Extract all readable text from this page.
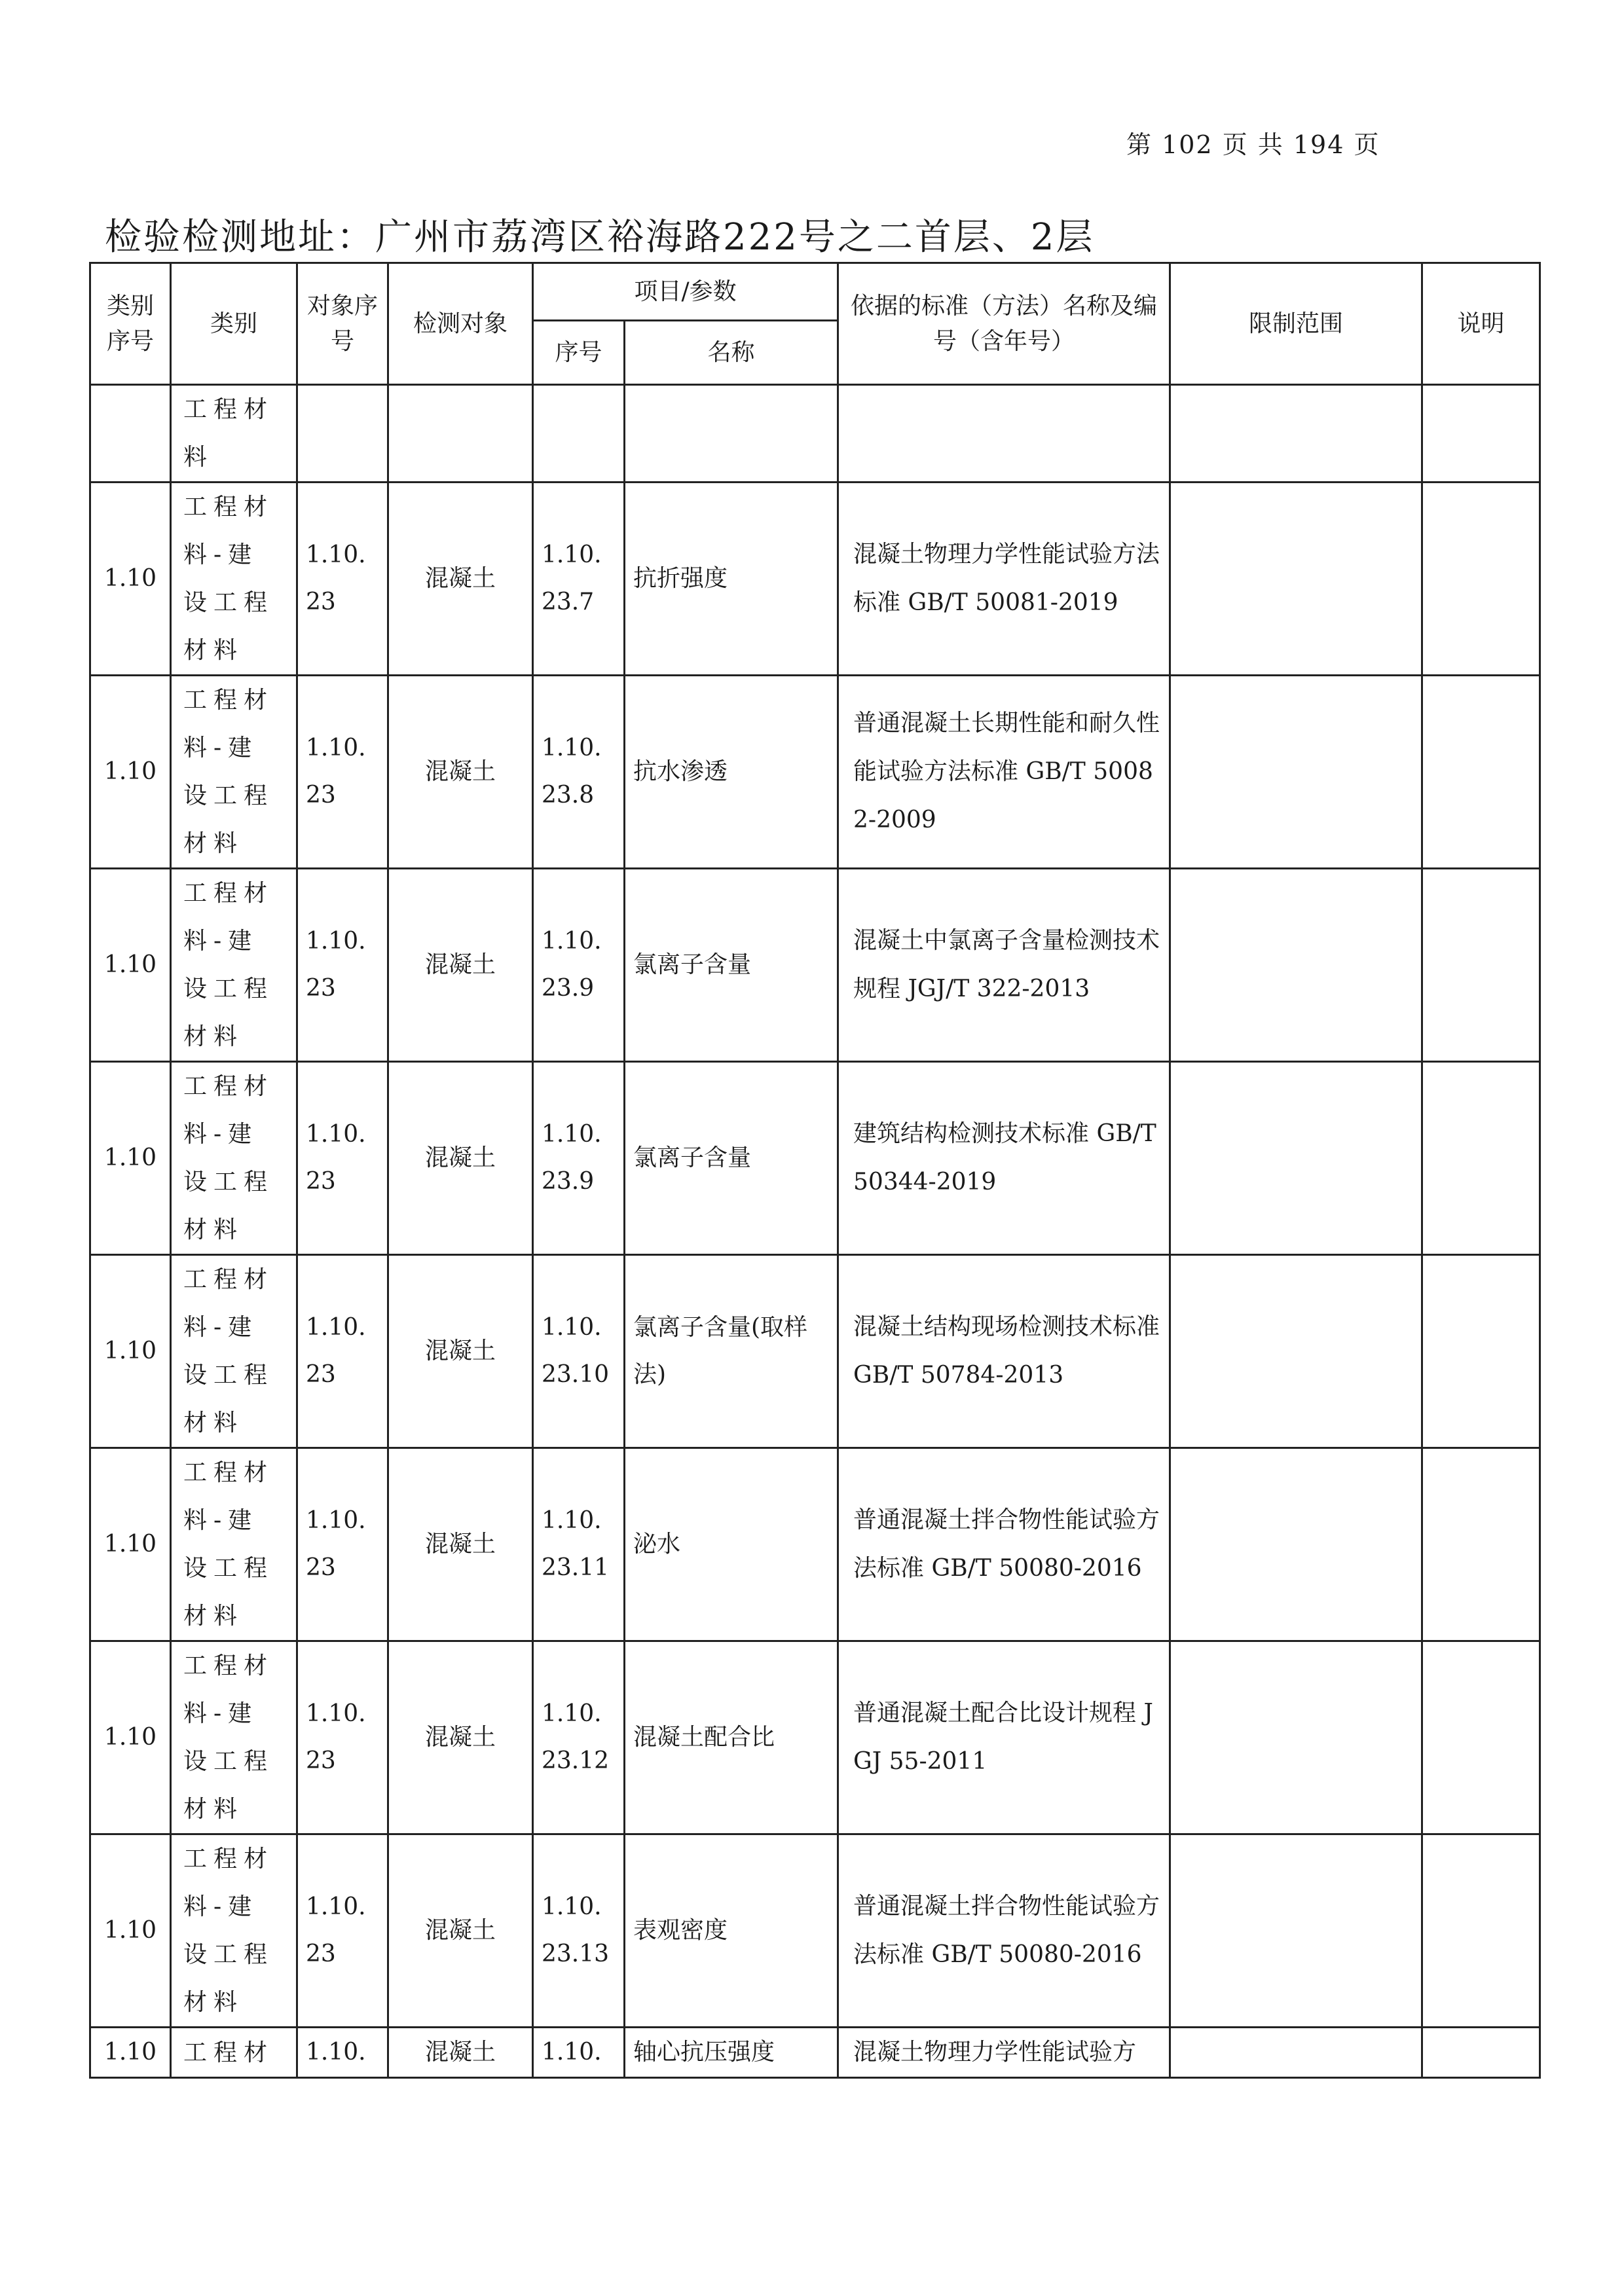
第 102 页 共 194 页
检验检测地址：广州市荔湾区裕海路222号之二首层、2层
类别序号	类别	对象序号	检测对象	项目/参数		依据的标准（方法）名称及编号（含年号）	限制范围	说明
				序号	名称			
	工程材料							
1.10	工程材料-建设工程材料	1.10.23	混凝土	1.10.23.7	抗折强度	混凝土物理力学性能试验方法标准 GB/T 50081-2019		
1.10	工程材料-建设工程材料	1.10.23	混凝土	1.10.23.8	抗水渗透	普通混凝土长期性能和耐久性能试验方法标准 GB/T 50082-2009		
1.10	工程材料-建设工程材料	1.10.23	混凝土	1.10.23.9	氯离子含量	混凝土中氯离子含量检测技术规程 JGJ/T 322-2013		
1.10	工程材料-建设工程材料	1.10.23	混凝土	1.10.23.9	氯离子含量	建筑结构检测技术标准 GB/T 50344-2019		
1.10	工程材料-建设工程材料	1.10.23	混凝土	1.10.23.10	氯离子含量(取样法)	混凝土结构现场检测技术标准 GB/T 50784-2013		
1.10	工程材料-建设工程材料	1.10.23	混凝土	1.10.23.11	泌水	普通混凝土拌合物性能试验方法标准 GB/T 50080-2016		
1.10	工程材料-建设工程材料	1.10.23	混凝土	1.10.23.12	混凝土配合比	普通混凝土配合比设计规程 JGJ 55-2011		
1.10	工程材料-建设工程材料	1.10.23	混凝土	1.10.23.13	表观密度	普通混凝土拌合物性能试验方法标准 GB/T 50080-2016		
1.10	工程材	1.10.	混凝土	1.10.	轴心抗压强度	混凝土物理力学性能试验方		
